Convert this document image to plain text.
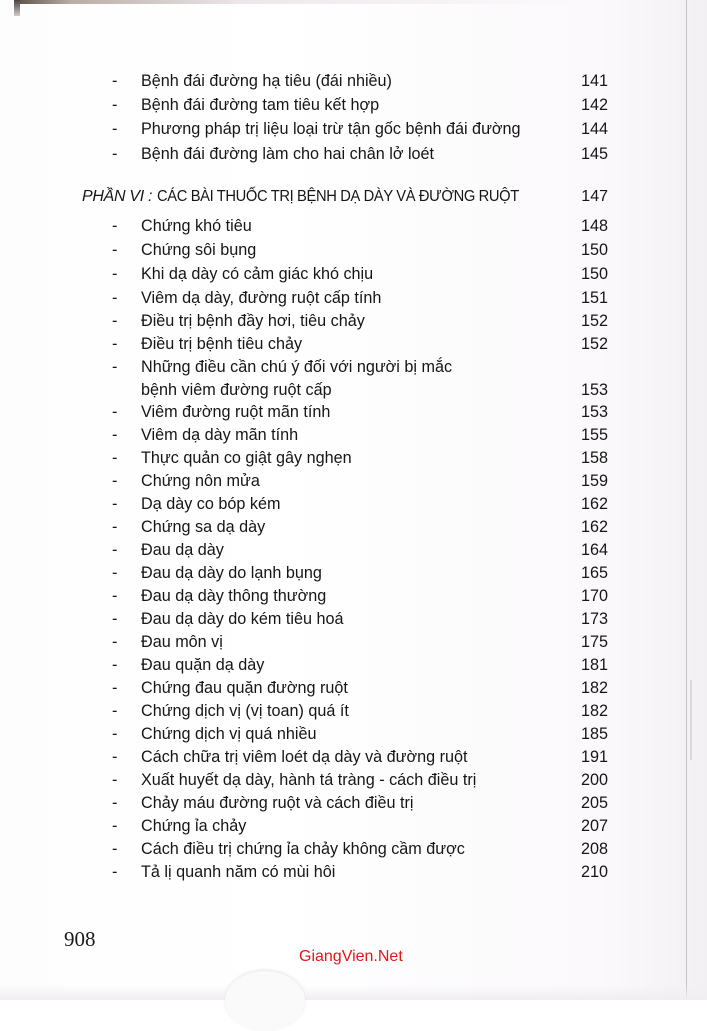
-	Bệnh đái đường hạ tiêu (đái nhiều)	141
-	Bệnh đái đường tam tiêu kết hợp	142
-	Phương pháp trị liệu loại trừ tận gốc bệnh đái đường	144
-	Bệnh đái đường làm cho hai chân lở loét	145
PHẦN VI : CÁC BÀI THUỐC TRỊ BỆNH DẠ DÀY VÀ ĐƯỜNG RUỘT	147
-	Chứng khó tiêu	148
-	Chứng sôi bụng	150
-	Khi dạ dày có cảm giác khó chịu	150
-	Viêm dạ dày, đường ruột cấp tính	151
-	Điều trị bệnh đầy hơi, tiêu chảy	152
-	Điều trị bệnh tiêu chảy	152
-	Những điều cần chú ý đối với người bị mắc
bệnh viêm đường ruột cấp	153
-	Viêm đường ruột mãn tính	153
-	Viêm dạ dày mãn tính	155
-	Thực quản co giật gây nghẹn	158
-	Chứng nôn mửa	159
-	Dạ dày co bóp kém	162
-	Chứng sa dạ dày	162
-	Đau dạ dày	164
-	Đau dạ dày do lạnh bụng	165
-	Đau dạ dày thông thường	170
-	Đau dạ dày do kém tiêu hoá	173
-	Đau môn vị	175
-	Đau quặn dạ dày	181
-	Chứng đau quặn đường ruột	182
-	Chứng dịch vị (vị toan) quá ít	182
-	Chứng dịch vị quá nhiều	185
-	Cách chữa trị viêm loét dạ dày và đường ruột	191
-	Xuất huyết dạ dày, hành tá tràng - cách điều trị	200
-	Chảy máu đường ruột và cách điều trị	205
-	Chứng ỉa chảy	207
-	Cách điều trị chứng ỉa chảy không cầm được	208
-	Tả lị quanh năm có mùi hôi	210
908
GiangVien.Net
